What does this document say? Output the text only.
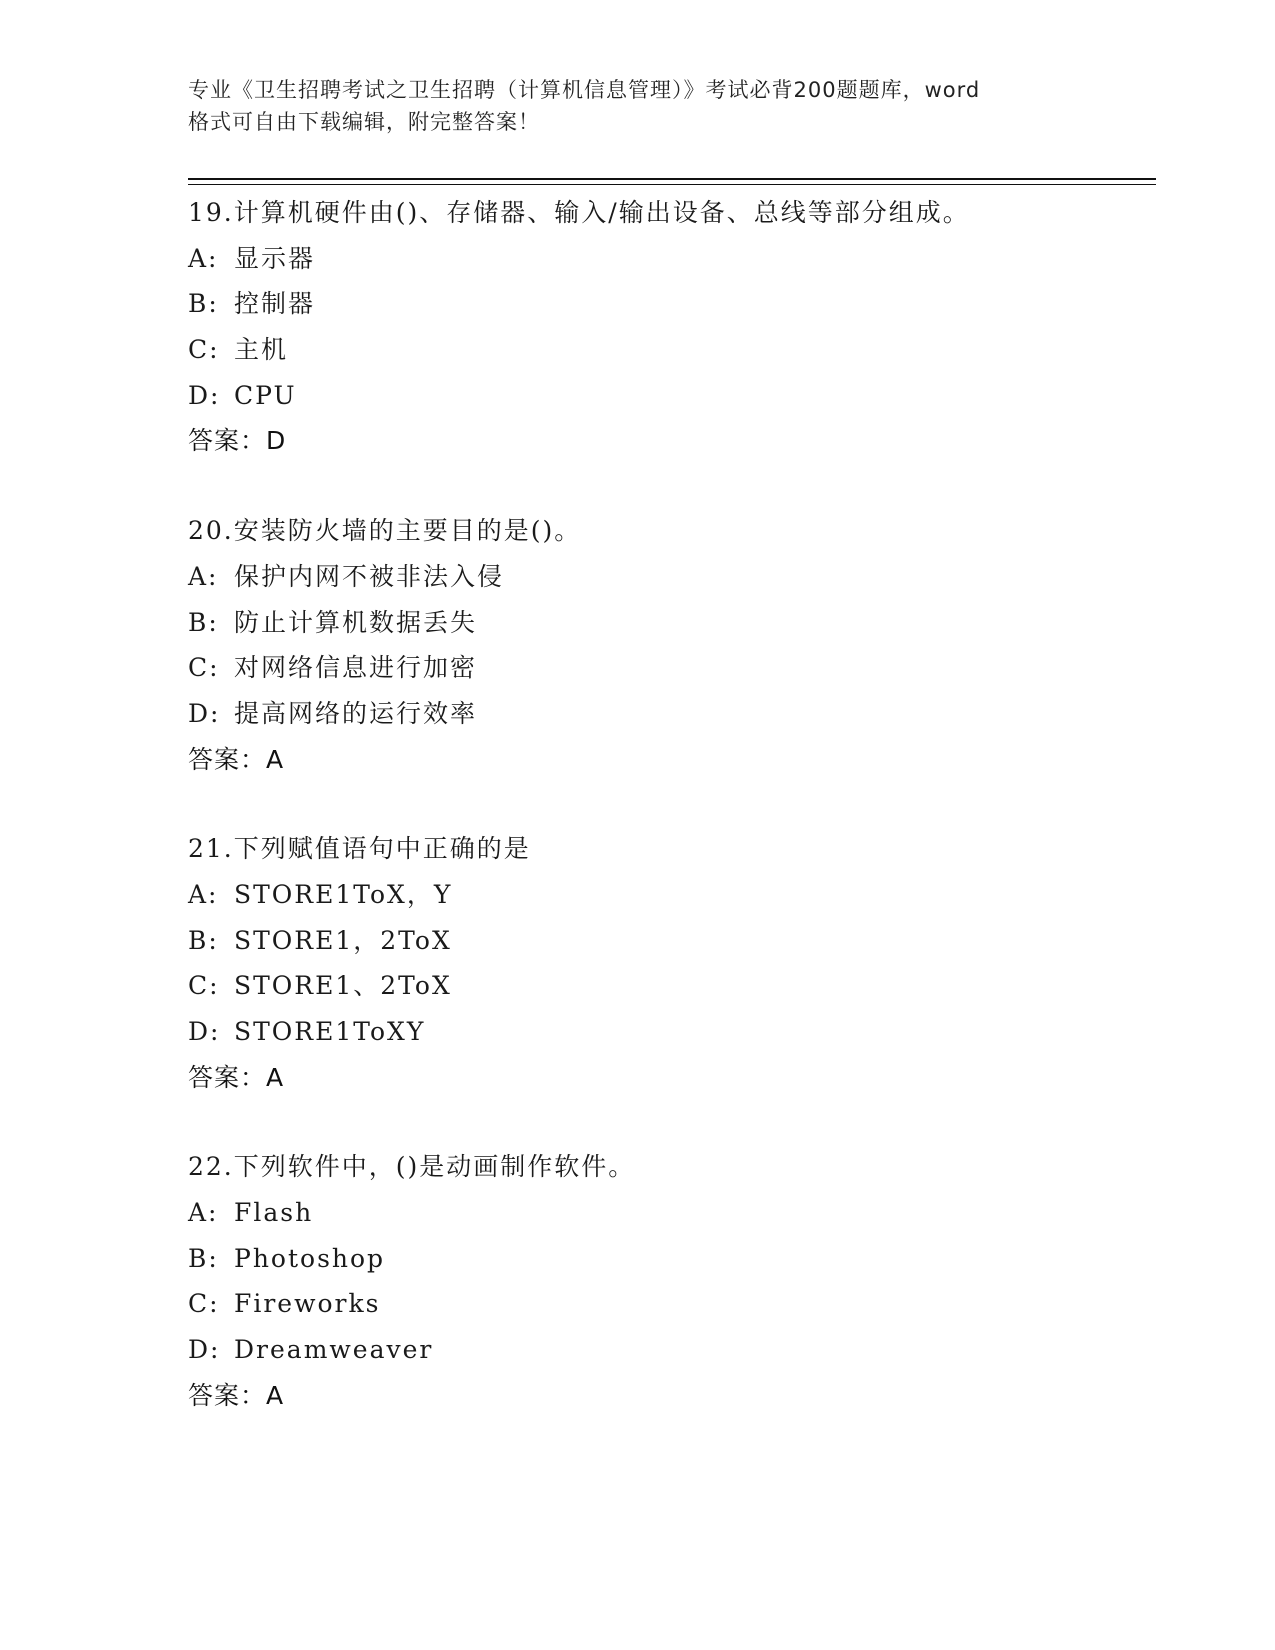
专业《卫生招聘考试之卫生招聘（计算机信息管理）》考试必背200题题库，word
格式可自由下载编辑，附完整答案！
19.计算机硬件由()、存储器、输入/输出设备、总线等部分组成。
A: 显示器
B: 控制器
C: 主机
D: CPU
答案：D
20.安装防火墙的主要目的是()。
A: 保护内网不被非法入侵
B: 防止计算机数据丢失
C: 对网络信息进行加密
D: 提高网络的运行效率
答案：A
21.下列赋值语句中正确的是
A: STORE1ToX，Y
B: STORE1，2ToX
C: STORE1、2ToX
D: STORE1ToXY
答案：A
22.下列软件中，()是动画制作软件。
A: Flash
B: Photoshop
C: Fireworks
D: Dreamweaver
答案：A
